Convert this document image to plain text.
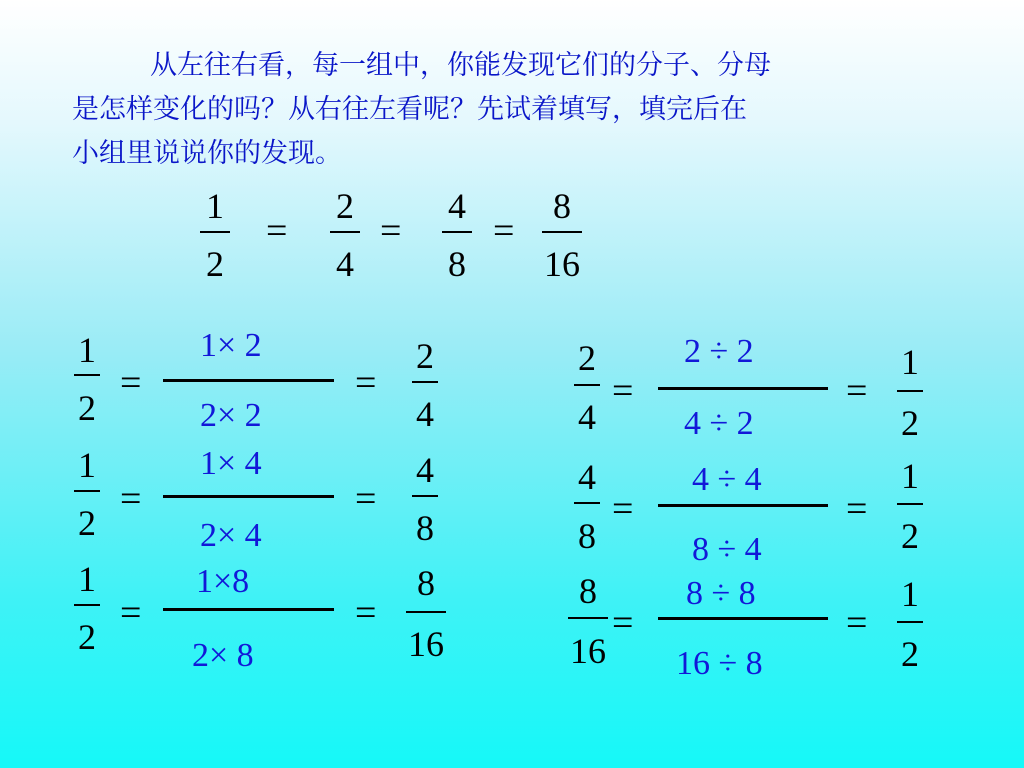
从左往右看，每一组中，你能发现它们的分子、分母

是怎样变化的吗？从右往左看呢？先试着填写，填完后在

小组里说说你的发现。

1
2
=
2
4
=
4
8
=
8
16
1
2
=
1× 2
2× 2
=
2
4
1
2
=
1× 4
2× 4
=
4
8
1
2
=
1×8
2× 8
=
8
16
2
4
=
2 ÷ 2
4 ÷ 2
=
1
2
4
8
=
4 ÷ 4
8 ÷ 4
=
1
2
8
16
=
8 ÷ 8
16 ÷ 8
=
1
2
